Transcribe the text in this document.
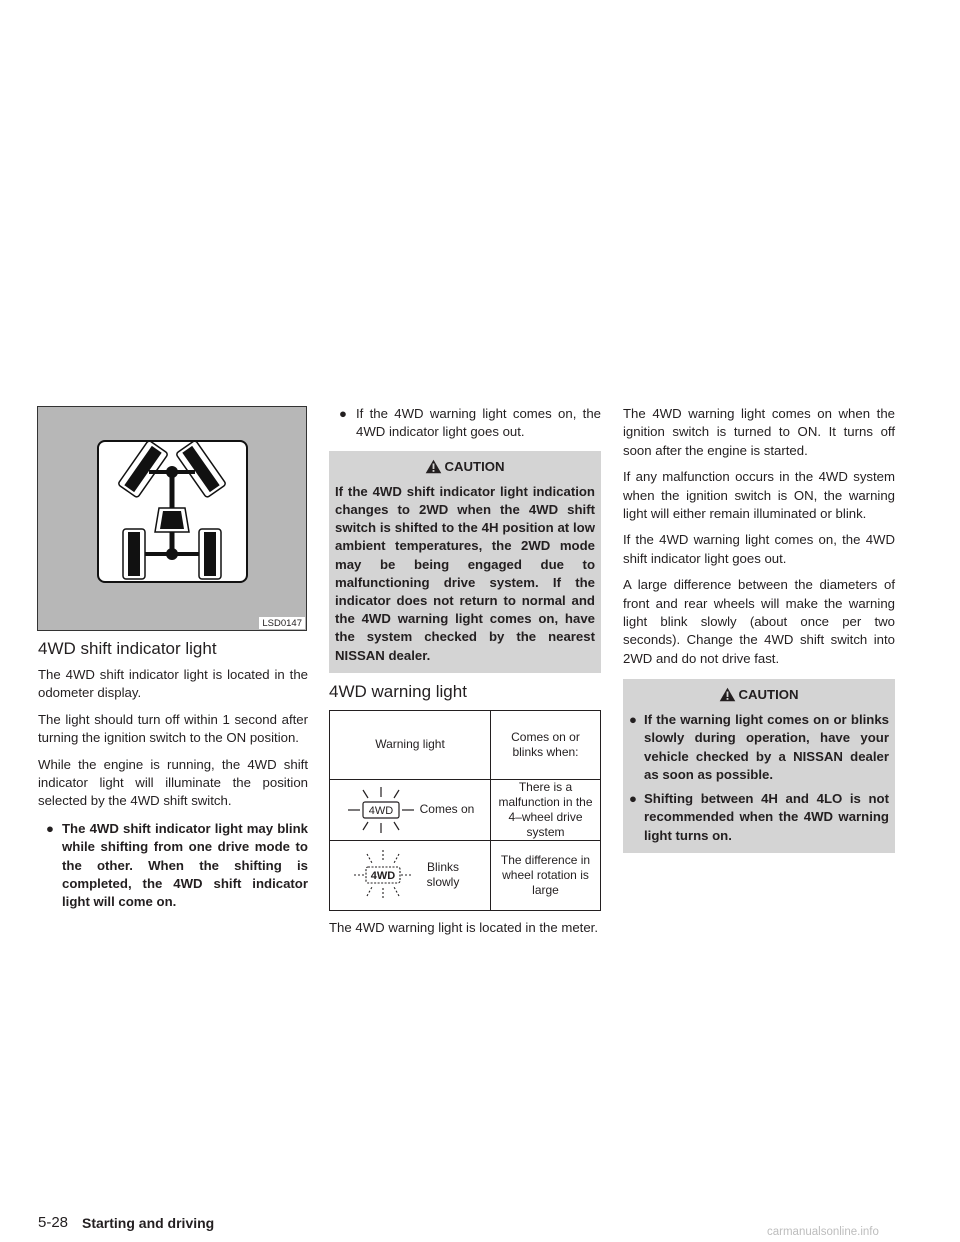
LSD0147
4WD shift indicator light

The 4WD shift indicator light is located in the odometer display.

The light should turn off within 1 second after turning the ignition switch to the ON position.

While the engine is running, the 4WD shift indicator light will illuminate the position selected by the 4WD shift switch.

● The 4WD shift indicator light may blink while shifting from one drive mode to the other. When the shifting is completed, the 4WD shift indicator light will come on.
● If the 4WD warning light comes on, the 4WD indicator light goes out.
CAUTION
If the 4WD shift indicator light indication changes to 2WD when the 4WD shift switch is shifted to the 4H position at low ambient temperatures, the 2WD mode may be being engaged due to malfunctioning drive system. If the indicator does not return to normal and the 4WD warning light comes on, have the system checked by the nearest NISSAN dealer.
4WD warning light
Warning light	Comes on or blinks when:

4WD Comes on	There is a malfunction in the 4–wheel drive system

4WD
Blinks slowly	The difference in wheel rotation is large

The 4WD warning light is located in the meter.

The 4WD warning light comes on when the ignition switch is turned to ON. It turns off soon after the engine is started.

If any malfunction occurs in the 4WD system when the ignition switch is ON, the warning light will either remain illuminated or blink.

If the 4WD warning light comes on, the 4WD shift indicator light goes out.

A large difference between the diameters of front and rear wheels will make the warning light blink slowly (about once per two seconds). Change the 4WD shift switch into 2WD and do not drive fast.

CAUTION
● If the warning light comes on or blinks slowly during operation, have your vehicle checked by a NISSAN dealer as soon as possible.
● Shifting between 4H and 4LO is not recommended when the 4WD warning light turns on.
5-28 Starting and driving
carmanualsonline.info
